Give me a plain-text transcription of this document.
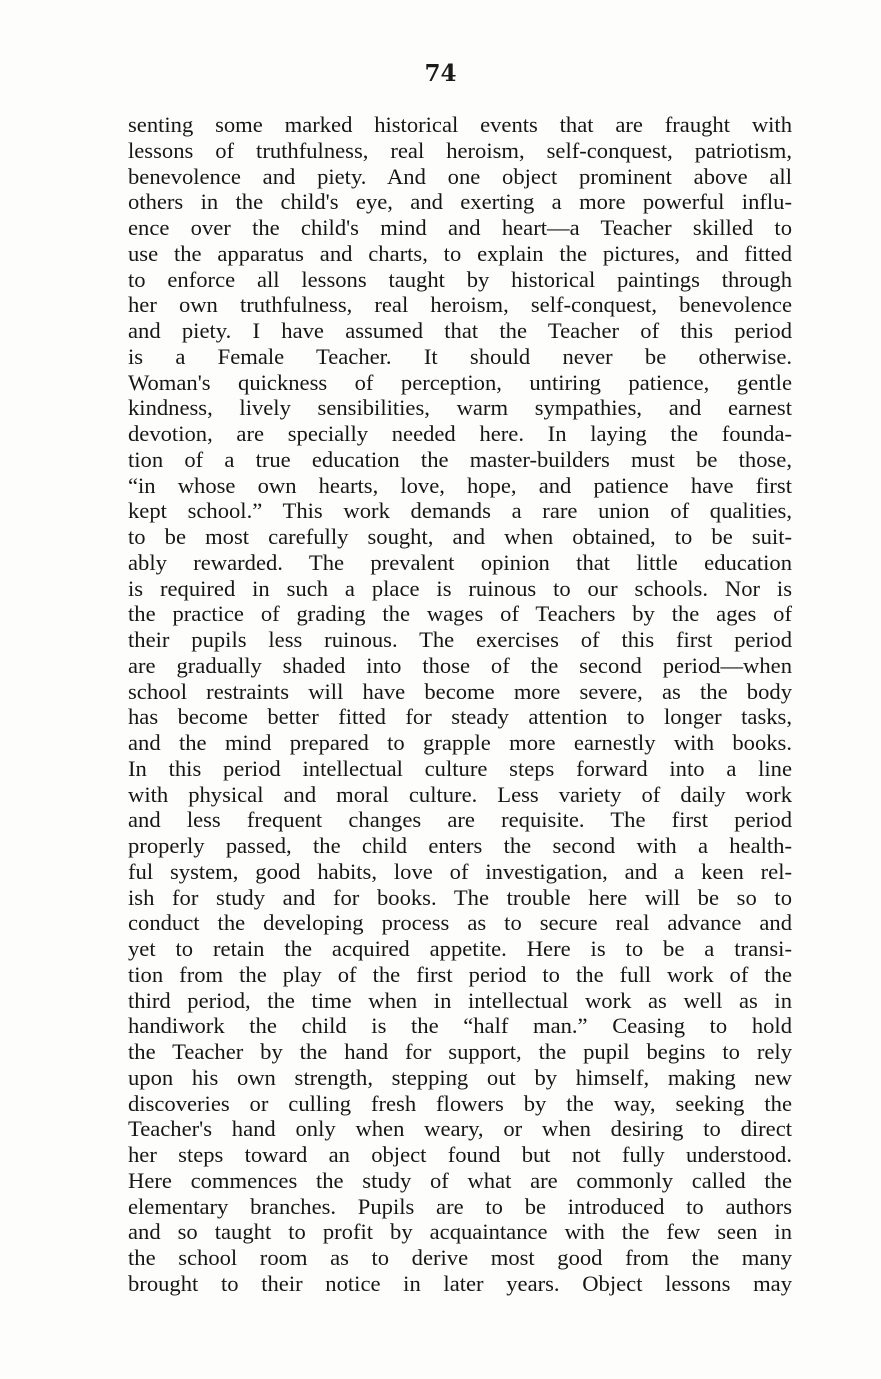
74
senting some marked historical events that are fraught with
lessons of truthfulness, real heroism, self-conquest, patriotism,
benevolence and piety. And one object prominent above all
others in the child's eye, and exerting a more powerful influ-
ence over the child's mind and heart—a Teacher skilled to
use the apparatus and charts, to explain the pictures, and fitted
to enforce all lessons taught by historical paintings through
her own truthfulness, real heroism, self-conquest, benevolence
and piety. I have assumed that the Teacher of this period
is a Female Teacher. It should never be otherwise.
Woman's quickness of perception, untiring patience, gentle
kindness, lively sensibilities, warm sympathies, and earnest
devotion, are specially needed here. In laying the founda-
tion of a true education the master-builders must be those,
“in whose own hearts, love, hope, and patience have first
kept school.” This work demands a rare union of qualities,
to be most carefully sought, and when obtained, to be suit-
ably rewarded. The prevalent opinion that little education
is required in such a place is ruinous to our schools. Nor is
the practice of grading the wages of Teachers by the ages of
their pupils less ruinous. The exercises of this first period
are gradually shaded into those of the second period—when
school restraints will have become more severe, as the body
has become better fitted for steady attention to longer tasks,
and the mind prepared to grapple more earnestly with books.
In this period intellectual culture steps forward into a line
with physical and moral culture. Less variety of daily work
and less frequent changes are requisite. The first period
properly passed, the child enters the second with a health-
ful system, good habits, love of investigation, and a keen rel-
ish for study and for books. The trouble here will be so to
conduct the developing process as to secure real advance and
yet to retain the acquired appetite. Here is to be a transi-
tion from the play of the first period to the full work of the
third period, the time when in intellectual work as well as in
handiwork the child is the “half man.” Ceasing to hold
the Teacher by the hand for support, the pupil begins to rely
upon his own strength, stepping out by himself, making new
discoveries or culling fresh flowers by the way, seeking the
Teacher's hand only when weary, or when desiring to direct
her steps toward an object found but not fully understood.
Here commences the study of what are commonly called the
elementary branches. Pupils are to be introduced to authors
and so taught to profit by acquaintance with the few seen in
the school room as to derive most good from the many
brought to their notice in later years. Object lessons may
